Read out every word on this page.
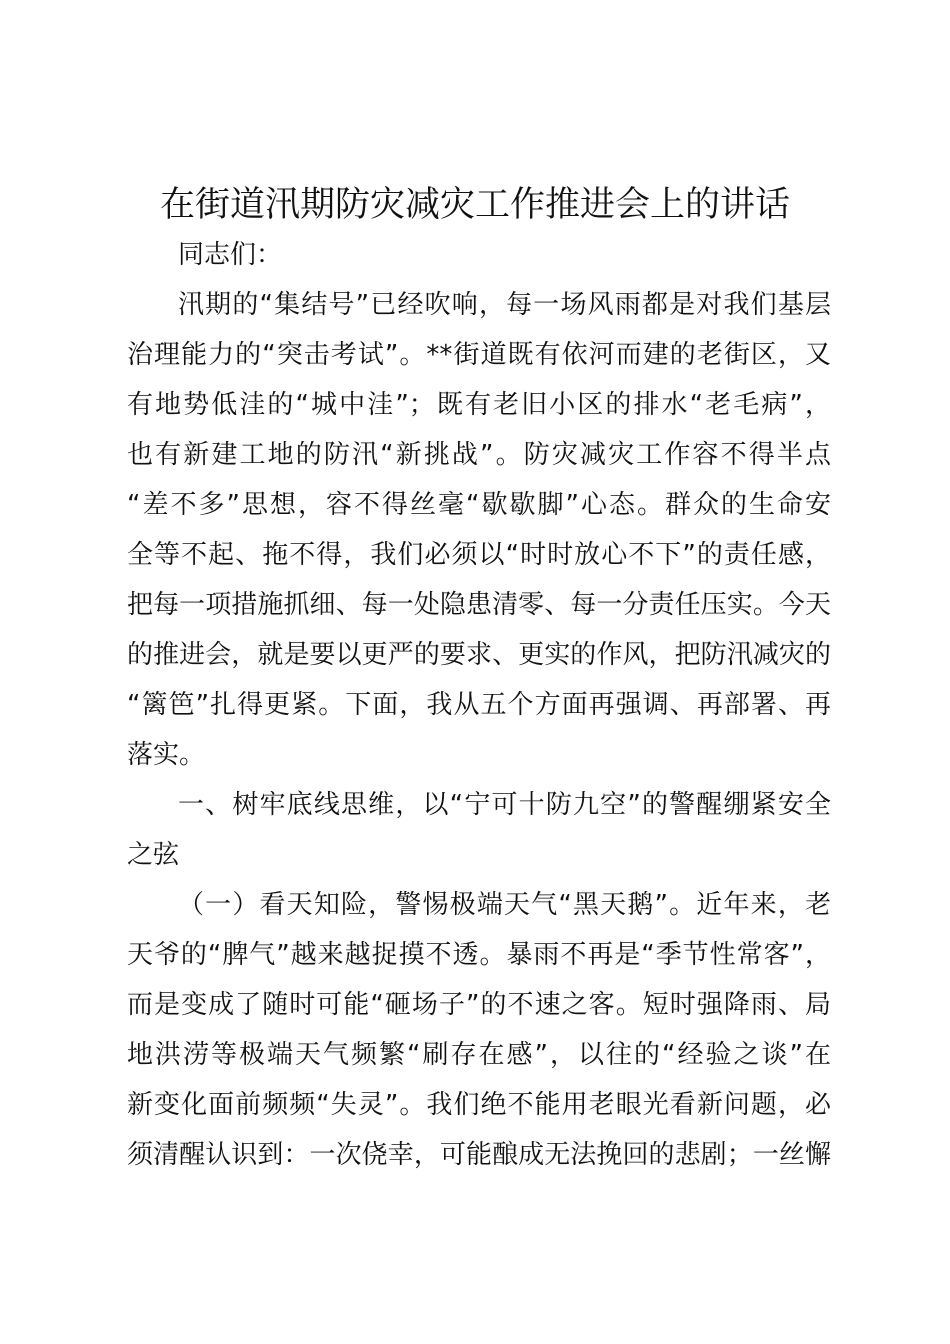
在街道汛期防灾减灾工作推进会上的讲话
同志们：
汛期的“集结号”已经吹响，每一场风雨都是对我们基层
治理能力的“突击考试”。**街道既有依河而建的老街区，又
有地势低洼的“城中洼”；既有老旧小区的排水“老毛病”，
也有新建工地的防汛“新挑战”。防灾减灾工作容不得半点
“差不多”思想，容不得丝毫“歇歇脚”心态。群众的生命安
全等不起、拖不得，我们必须以“时时放心不下”的责任感，
把每一项措施抓细、每一处隐患清零、每一分责任压实。今天
的推进会，就是要以更严的要求、更实的作风，把防汛减灾的
“篱笆”扎得更紧。下面，我从五个方面再强调、再部署、再
落实。
一、树牢底线思维，以“宁可十防九空”的警醒绷紧安全
之弦
（一）看天知险，警惕极端天气“黑天鹅”。近年来，老
天爷的“脾气”越来越捉摸不透。暴雨不再是“季节性常客”，
而是变成了随时可能“砸场子”的不速之客。短时强降雨、局
地洪涝等极端天气频繁“刷存在感”，以往的“经验之谈”在
新变化面前频频“失灵”。我们绝不能用老眼光看新问题，必
须清醒认识到：一次侥幸，可能酿成无法挽回的悲剧；一丝懈
